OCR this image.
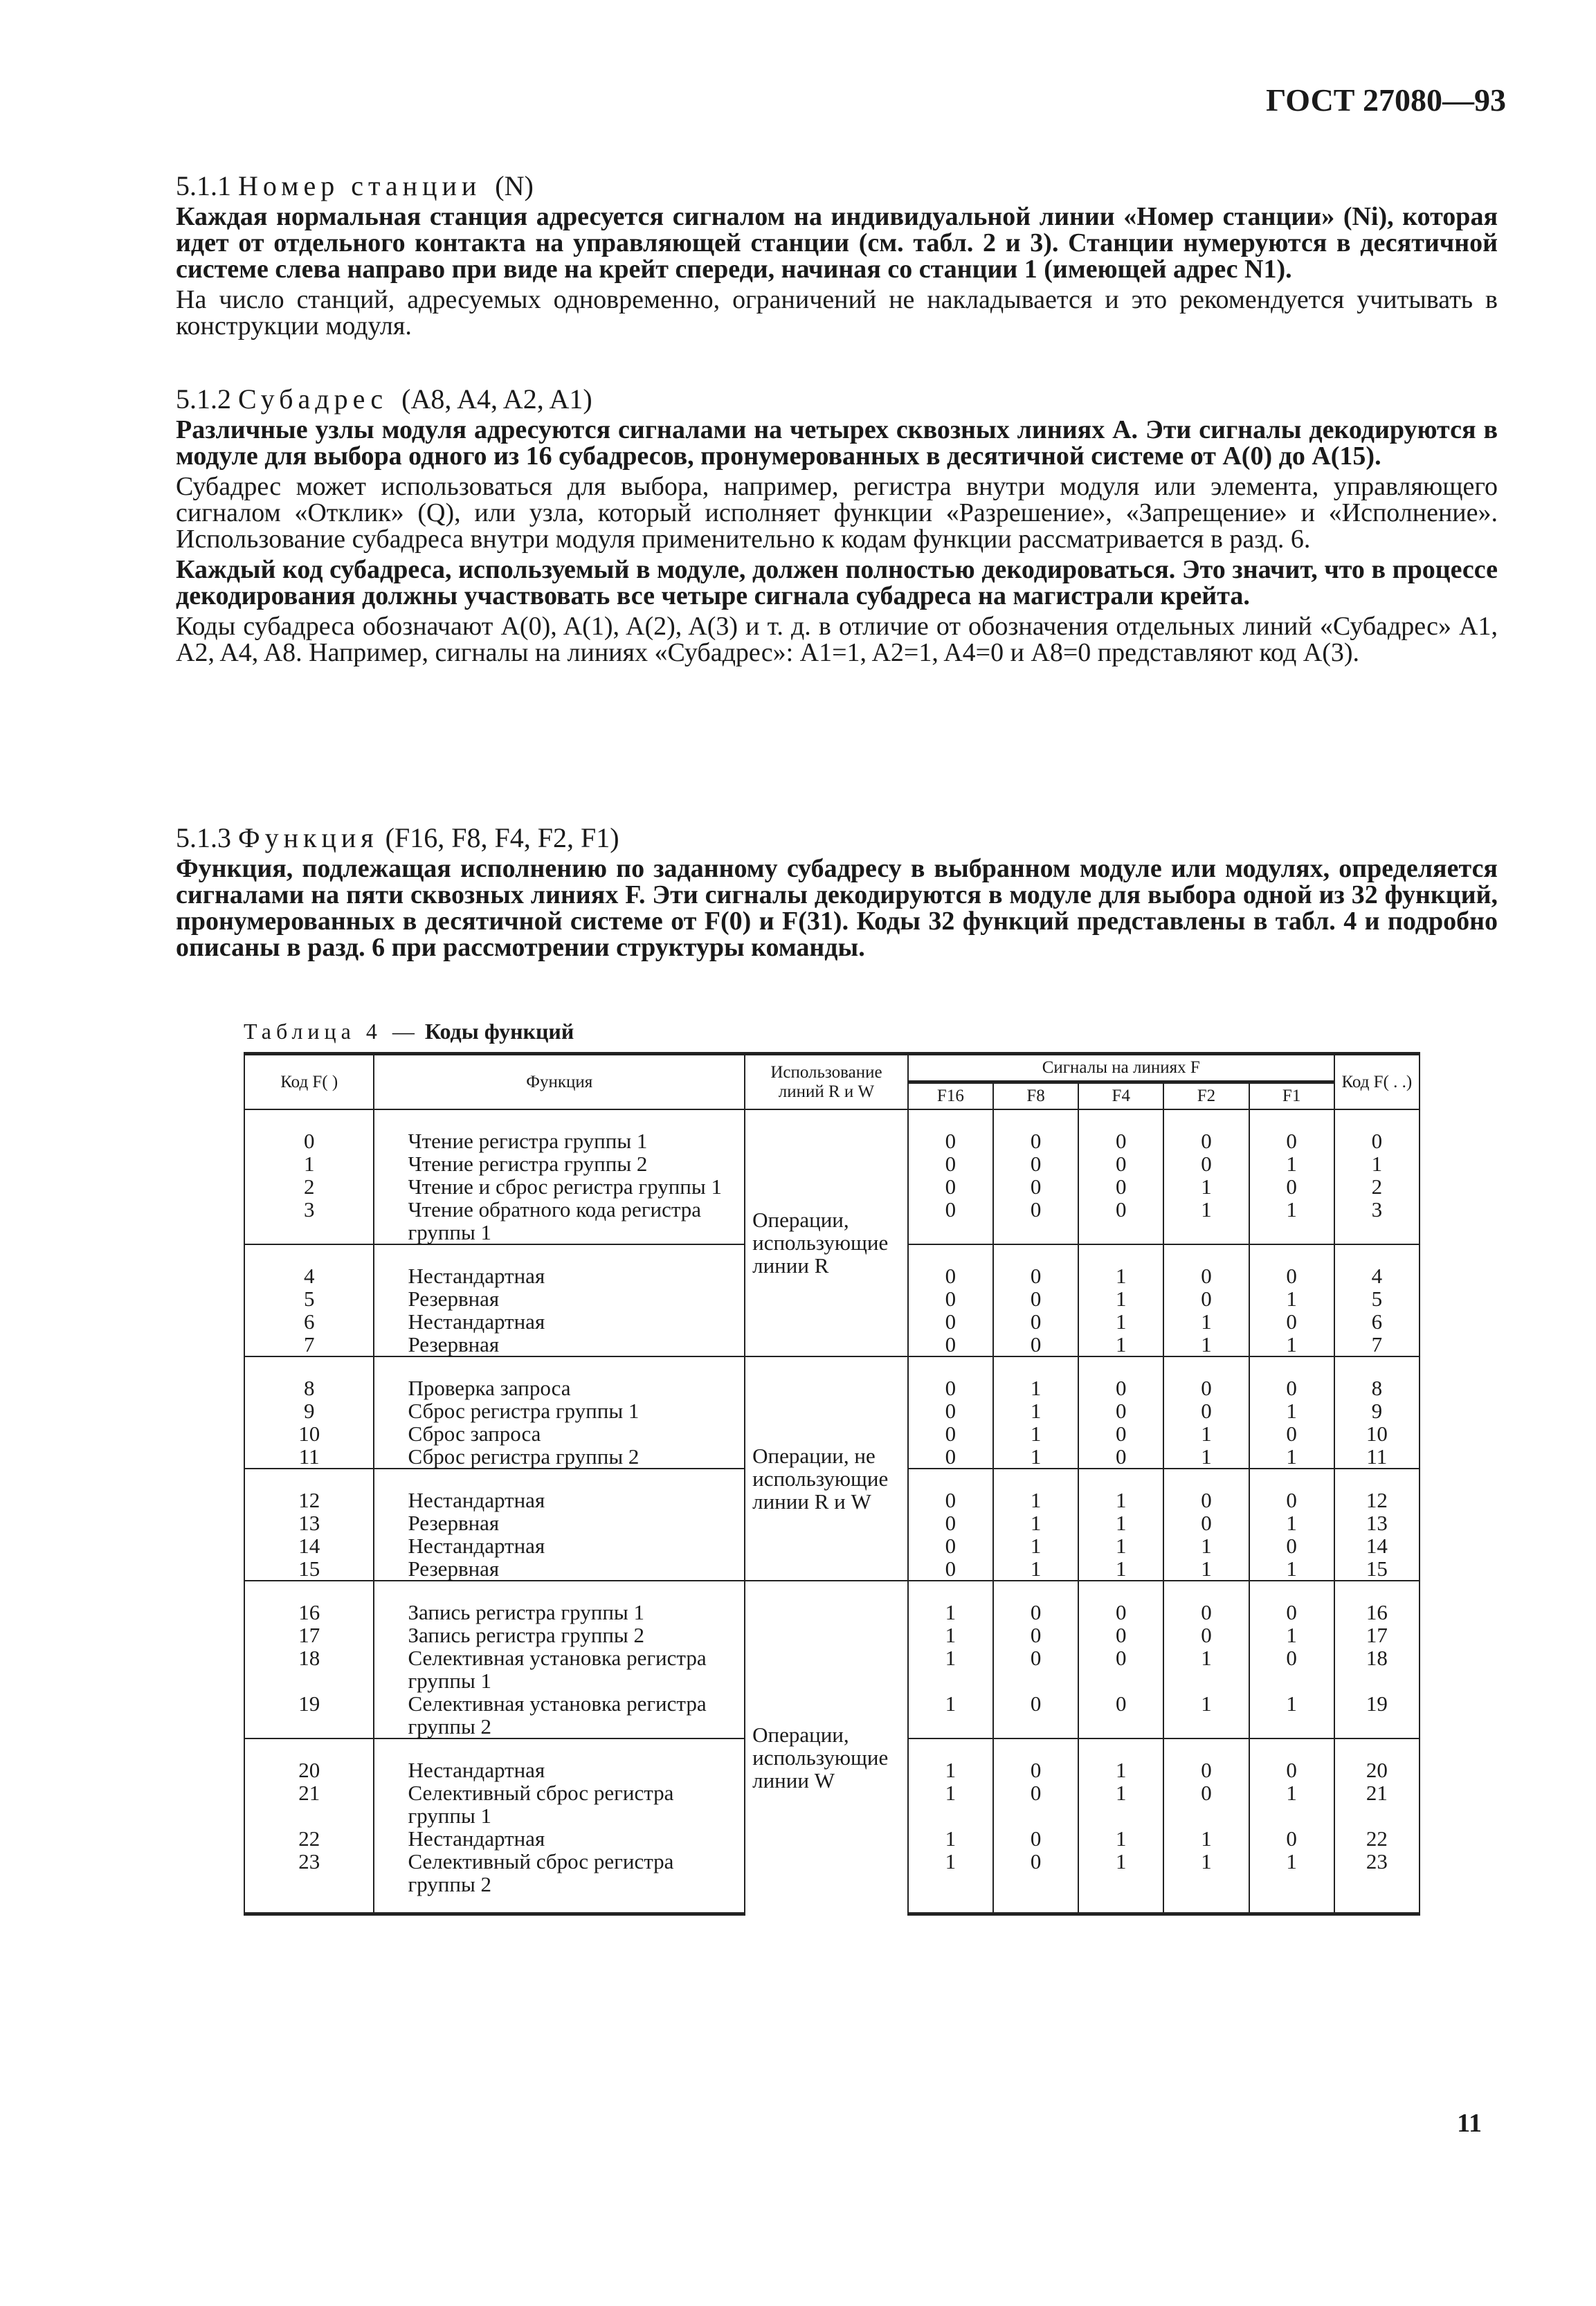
ГОСТ 27080—93

5.1.1 Номер станции (N)

Каждая нормальная станция адресуется сигналом на индивидуальной линии «Номер станции» (Ni), которая идет от отдельного контакта на управляющей станции (см. табл. 2 и 3). Станции нумеруются в десятичной системе слева направо при виде на крейт спереди, начиная со станции 1 (имеющей адрес N1).

На число станций, адресуемых одновременно, ограничений не накладывается и это рекомендуется учитывать в конструкции модуля.

5.1.2 Субадрес (A8, A4, A2, A1)

Различные узлы модуля адресуются сигналами на четырех сквозных линиях А. Эти сигналы декодируются в модуле для выбора одного из 16 субадресов, пронумерованных в десятичной системе от A(0) до A(15).

Субадрес может использоваться для выбора, например, регистра внутри модуля или элемента, управляющего сигналом «Отклик» (Q), или узла, который исполняет функции «Разрешение», «Запрещение» и «Исполнение». Использование субадреса внутри модуля применительно к кодам функции рассматривается в разд. 6.

Каждый код субадреса, используемый в модуле, должен полностью декодироваться. Это значит, что в процессе декодирования должны участвовать все четыре сигнала субадреса на магистрали крейта.

Коды субадреса обозначают A(0), A(1), A(2), A(3) и т. д. в отличие от обозначения отдельных линий «Субадрес» A1, A2, A4, A8. Например, сигналы на линиях «Субадрес»: A1=1, A2=1, A4=0 и A8=0 представляют код A(3).

5.1.3 Функция (F16, F8, F4, F2, F1)

Функция, подлежащая исполнению по заданному субадресу в выбранном модуле или модулях, определяется сигналами на пяти сквозных линиях F. Эти сигналы декодируются в модуле для выбора одной из 32 функций, пронумерованных в десятичной системе от F(0) и F(31). Коды 32 функций представлены в табл. 4 и подробно описаны в разд. 6 при рассмотрении структуры команды.

Таблица 4 — Коды функций
Код F( )	Функция	Использование линий R и W	Сигналы на линиях F					Код F( . .)
			F16	F8	F4	F2	F1	
0	Чтение регистра группы 1	Операции, использующие линии R	0	0	0	0	0	0
1	Чтение регистра группы 2		0	0	0	0	1	1
2	Чтение и сброс регистра группы 1		0	0	0	1	0	2
3	Чтение обратного кода регистра группы 1		0	0	0	1	1	3
4	Нестандартная		0	0	1	0	0	4
5	Резервная		0	0	1	0	1	5
6	Нестандартная		0	0	1	1	0	6
7	Резервная		0	0	1	1	1	7
8	Проверка запроса	Операции, не использующие линии R и W	0	1	0	0	0	8
9	Сброс регистра группы 1		0	1	0	0	1	9
10	Сброс запроса		0	1	0	1	0	10
11	Сброс регистра группы 2		0	1	0	1	1	11
12	Нестандартная		0	1	1	0	0	12
13	Резервная		0	1	1	0	1	13
14	Нестандартная		0	1	1	1	0	14
15	Резервная		0	1	1	1	1	15
16	Запись регистра группы 1	Операции, использующие линии W	1	0	0	0	0	16
17	Запись регистра группы 2		1	0	0	0	1	17
18	Селективная установка регистра группы 1		1	0	0	1	0	18
19	Селективная установка регистра группы 2		1	0	0	1	1	19
20	Нестандартная		1	0	1	0	0	20
21	Селективный сброс регистра группы 1		1	0	1	0	1	21
22	Нестандартная		1	0	1	1	0	22
23	Селективный сброс регистра группы 2		1	0	1	1	1	23
11
